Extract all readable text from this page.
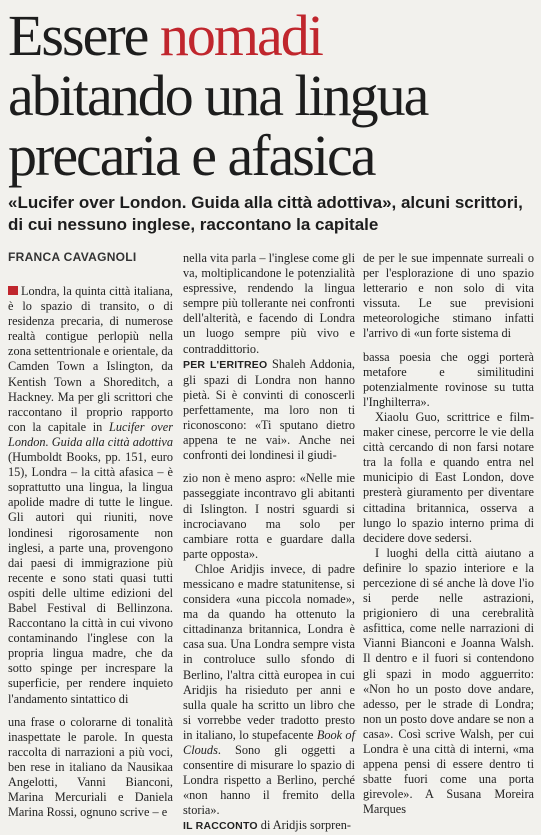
Essere nomadi
abitando una lingua precaria e afasica
«Lucifer over London. Guida alla città adottiva», alcuni scrittori, di cui nessuno inglese, raccontano la capitale
FRANCA CAVAGNOLI

Londra, la quinta città italiana, è lo spazio di transito, o di residenza precaria, di numerose realtà contigue perlopiù nella zona settentrionale e orientale, da Camden Town a Islington, da Kentish Town a Shoreditch, a Hackney. Ma per gli scrittori che raccontano il proprio rapporto con la capitale in Lucifer over London. Guida alla città adottiva (Humboldt Books, pp. 151, euro 15), Londra – la città afasica – è soprattutto una lingua, la lingua apolide madre di tutte le lingue. Gli autori qui riuniti, nove londinesi rigorosamente non inglesi, a parte una, provengono dai paesi di immigrazione più recente e sono stati quasi tutti ospiti delle ultime edizioni del Babel Festival di Bellinzona. Raccontano la città in cui vivono contaminando l'inglese con la propria lingua madre, che da sotto spinge per increspare la superficie, per rendere inquieto l'andamento sintattico di

una frase o colorarne di tonalità inaspettate le parole. In questa raccolta di narrazioni a più voci, ben rese in italiano da Nausikaa Angelotti, Vanni Bianconi, Marina Mercuriali e Daniela Marina Rossi, ognuno scrive – e

nella vita parla – l'inglese come gli va, moltiplicandone le potenzialità espressive, rendendo la lingua sempre più tollerante nei confronti dell'alterità, e facendo di Londra un luogo sempre più vivo e contraddittorio.

PER L'ERITREO Shaleh Addonia, gli spazi di Londra non hanno pietà. Si è convinti di conoscerli perfettamente, ma loro non ti riconoscono: «Ti sputano dietro appena te ne vai». Anche nei confronti dei londinesi il giudi-

zio non è meno aspro: «Nelle mie passeggiate incontravo gli abitanti di Islington. I nostri sguardi si incrociavano ma solo per cambiare rotta e guardare dalla parte opposta».

Chloe Aridjis invece, di padre messicano e madre statunitense, si considera «una piccola nomade», ma da quando ha ottenuto la cittadinanza britannica, Londra è casa sua. Una Londra sempre vista in controluce sullo sfondo di Berlino, l'altra città europea in cui Aridjis ha risieduto per anni e sulla quale ha scritto un libro che si vorrebbe veder tradotto presto in italiano, lo stupefacente Book of Clouds. Sono gli oggetti a consentire di misurare lo spazio di Londra rispetto a Berlino, perché «non hanno il fremito della storia».

IL RACCONTO di Aridjis sorpren-

de per le sue impennate surreali o per l'esplorazione di uno spazio letterario e non solo di vita vissuta. Le sue previsioni meteorologiche stimano infatti l'arrivo di «un forte sistema di

bassa poesia che oggi porterà metafore e similitudini potenzialmente rovinose su tutta l'Inghilterra».

Xiaolu Guo, scrittrice e film-maker cinese, percorre le vie della città cercando di non farsi notare tra la folla e quando entra nel municipio di East London, dove presterà giuramento per diventare cittadina britannica, osserva a lungo lo spazio interno prima di decidere dove sedersi.

I luoghi della città aiutano a definire lo spazio interiore e la percezione di sé anche là dove l'io si perde nelle astrazioni, prigioniero di una cerebralità asfittica, come nelle narrazioni di Vianni Bianconi e Joanna Walsh. Il dentro e il fuori si contendono gli spazi in modo agguerrito: «Non ho un posto dove andare, adesso, per le strade di Londra; non un posto dove andare se non a casa». Così scrive Walsh, per cui Londra è una città di interni, «ma appena pensi di essere dentro ti sbatte fuori come una porta girevole». A Susana Moreira Marques
